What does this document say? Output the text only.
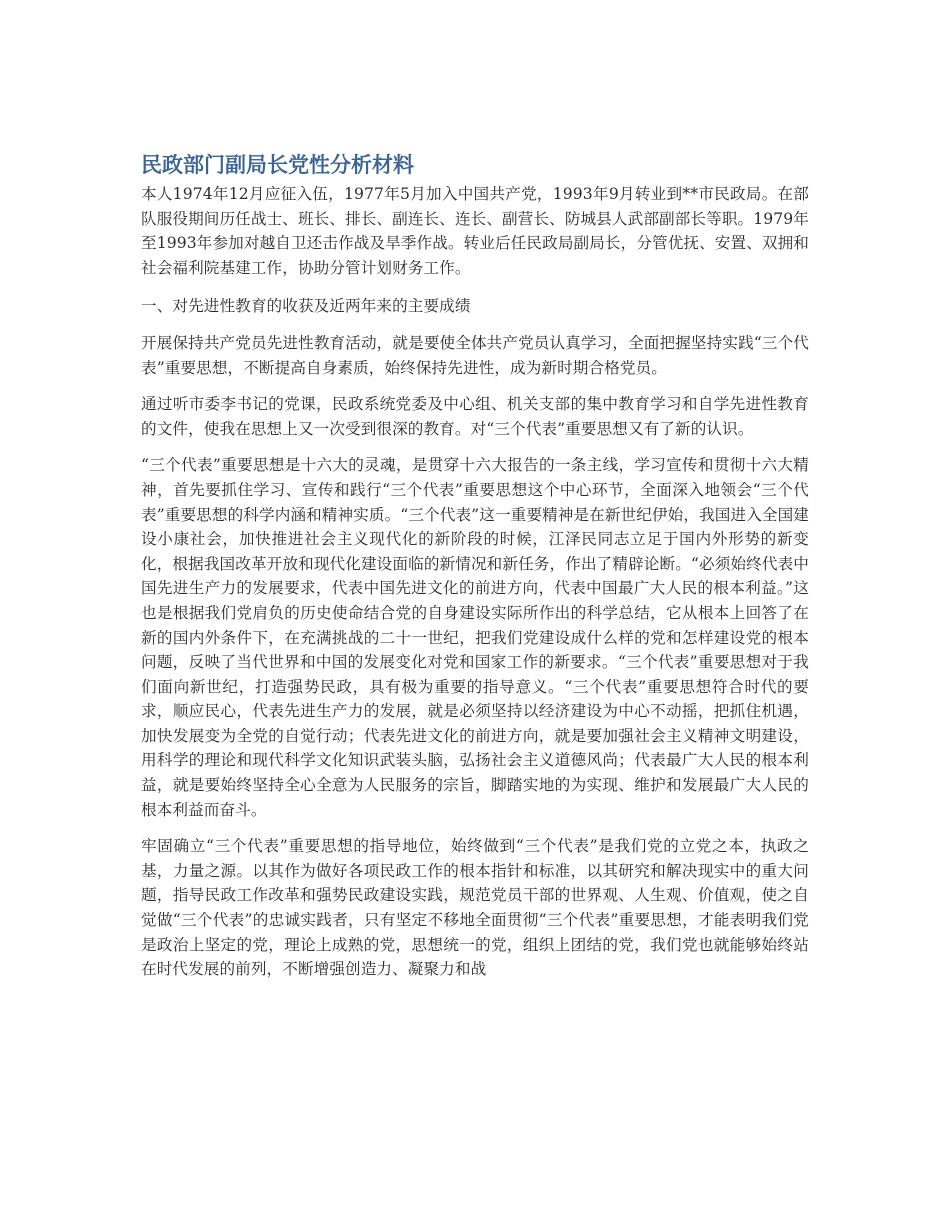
民政部门副局长党性分析材料

本人1974年12月应征入伍，1977年5月加入中国共产党，1993年9月转业到**市民政局。在部队服役期间历任战士、班长、排长、副连长、连长、副营长、防城县人武部副部长等职。1979年至1993年参加对越自卫还击作战及旱季作战。转业后任民政局副局长，分管优抚、安置、双拥和社会福利院基建工作，协助分管计划财务工作。

一、对先进性教育的收获及近两年来的主要成绩

开展保持共产党员先进性教育活动，就是要使全体共产党员认真学习，全面把握坚持实践“三个代表”重要思想，不断提高自身素质，始终保持先进性，成为新时期合格党员。

通过听市委李书记的党课，民政系统党委及中心组、机关支部的集中教育学习和自学先进性教育的文件，使我在思想上又一次受到很深的教育。对“三个代表”重要思想又有了新的认识。

“三个代表”重要思想是十六大的灵魂，是贯穿十六大报告的一条主线，学习宣传和贯彻十六大精神，首先要抓住学习、宣传和践行“三个代表”重要思想这个中心环节，全面深入地领会“三个代表”重要思想的科学内涵和精神实质。“三个代表”这一重要精神是在新世纪伊始，我国进入全国建设小康社会，加快推进社会主义现代化的新阶段的时候，江泽民同志立足于国内外形势的新变化，根据我国改革开放和现代化建设面临的新情况和新任务，作出了精辟论断。“必须始终代表中国先进生产力的发展要求，代表中国先进文化的前进方向，代表中国最广大人民的根本利益。”这也是根据我们党肩负的历史使命结合党的自身建设实际所作出的科学总结，它从根本上回答了在新的国内外条件下，在充满挑战的二十一世纪，把我们党建设成什么样的党和怎样建设党的根本问题，反映了当代世界和中国的发展变化对党和国家工作的新要求。“三个代表”重要思想对于我们面向新世纪，打造强势民政，具有极为重要的指导意义。“三个代表”重要思想符合时代的要求，顺应民心，代表先进生产力的发展，就是必须坚持以经济建设为中心不动摇，把抓住机遇，加快发展变为全党的自觉行动；代表先进文化的前进方向，就是要加强社会主义精神文明建设，用科学的理论和现代科学文化知识武装头脑，弘扬社会主义道德风尚；代表最广大人民的根本利益，就是要始终坚持全心全意为人民服务的宗旨，脚踏实地的为实现、维护和发展最广大人民的根本利益而奋斗。

牢固确立“三个代表”重要思想的指导地位，始终做到“三个代表”是我们党的立党之本，执政之基，力量之源。以其作为做好各项民政工作的根本指针和标准，以其研究和解决现实中的重大问题，指导民政工作改革和强势民政建设实践，规范党员干部的世界观、人生观、价值观，使之自觉做“三个代表”的忠诚实践者，只有坚定不移地全面贯彻“三个代表”重要思想，才能表明我们党是政治上坚定的党，理论上成熟的党，思想统一的党，组织上团结的党，我们党也就能够始终站在时代发展的前列，不断增强创造力、凝聚力和战
